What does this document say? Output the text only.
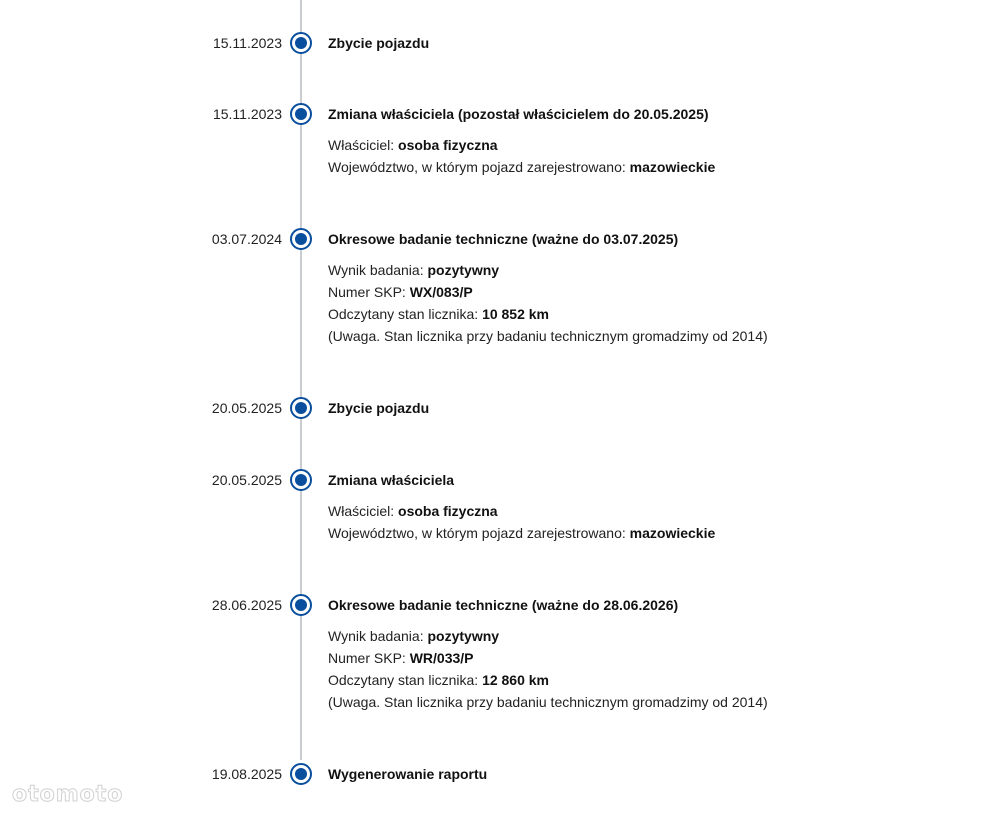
15.11.2023	Zbycie pojazdu
15.11.2023	Zmiana właściciela (pozostał właścicielem do 20.05.2025)
Właściciel: osoba fizyczna
Województwo, w którym pojazd zarejestrowano: mazowieckie
03.07.2024	Okresowe badanie techniczne (ważne do 03.07.2025)
Wynik badania: pozytywny
Numer SKP: WX/083/P
Odczytany stan licznika: 10 852 km
(Uwaga. Stan licznika przy badaniu technicznym gromadzimy od 2014)
20.05.2025	Zbycie pojazdu
20.05.2025	Zmiana właściciela
Właściciel: osoba fizyczna
Województwo, w którym pojazd zarejestrowano: mazowieckie
28.06.2025	Okresowe badanie techniczne (ważne do 28.06.2026)
Wynik badania: pozytywny
Numer SKP: WR/033/P
Odczytany stan licznika: 12 860 km
(Uwaga. Stan licznika przy badaniu technicznym gromadzimy od 2014)
19.08.2025	Wygenerowanie raportu
otomoto
